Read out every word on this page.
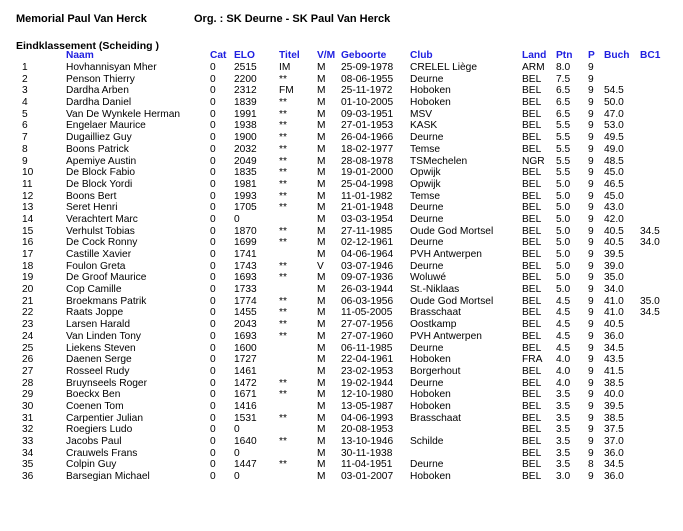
Memorial Paul Van Herck	Org. : SK Deurne - SK Paul Van Herck
Eindklassement (Scheiding )
	Naam	Cat	ELO	Titel	V/M	Geboorte	Club	Land	Ptn	P	Buch	BC1
1	Hovhannisyan Mher	0	2515	IM	M	25-09-1978	CRELEL Liège	ARM	8.0	9		
2	Penson Thierry	0	2200	**	M	08-06-1955	Deurne	BEL	7.5	9		
3	Dardha Arben	0	2312	FM	M	25-11-1972	Hoboken	BEL	6.5	9	54.5	
4	Dardha Daniel	0	1839	**	M	01-10-2005	Hoboken	BEL	6.5	9	50.0	
5	Van De Wynkele Herman	0	1991	**	M	09-03-1951	MSV	BEL	6.5	9	47.0	
6	Engelaer Maurice	0	1938	**	M	27-01-1953	KASK	BEL	5.5	9	53.0	
7	Dugailliez Guy	0	1900	**	M	26-04-1966	Deurne	BEL	5.5	9	49.5	
8	Boons Patrick	0	2032	**	M	18-02-1977	Temse	BEL	5.5	9	49.0	
9	Apemiye Austin	0	2049	**	M	28-08-1978	TSMechelen	NGR	5.5	9	48.5	
10	De Block Fabio	0	1835	**	M	19-01-2000	Opwijk	BEL	5.5	9	45.0	
11	De Block Yordi	0	1981	**	M	25-04-1998	Opwijk	BEL	5.0	9	46.5	
12	Boons Bert	0	1993	**	M	11-01-1982	Temse	BEL	5.0	9	45.0	
13	Seret Henri	0	1705	**	M	21-01-1948	Deurne	BEL	5.0	9	43.0	
14	Verachtert Marc	0	0		M	03-03-1954	Deurne	BEL	5.0	9	42.0	
15	Verhulst Tobias	0	1870	**	M	27-11-1985	Oude God Mortsel	BEL	5.0	9	40.5	34.5
16	De Cock Ronny	0	1699	**	M	02-12-1961	Deurne	BEL	5.0	9	40.5	34.0
17	Castille Xavier	0	1741		M	04-06-1964	PVH Antwerpen	BEL	5.0	9	39.5	
18	Foulon Greta	0	1743	**	V	03-07-1946	Deurne	BEL	5.0	9	39.0	
19	De Groof Maurice	0	1693	**	M	09-07-1936	Woluwé	BEL	5.0	9	35.0	
20	Cop Camille	0	1733		M	26-03-1944	St.-Niklaas	BEL	5.0	9	34.0	
21	Broekmans Patrik	0	1774	**	M	06-03-1956	Oude God Mortsel	BEL	4.5	9	41.0	35.0
22	Raats Joppe	0	1455	**	M	11-05-2005	Brasschaat	BEL	4.5	9	41.0	34.5
23	Larsen Harald	0	2043	**	M	27-07-1956	Oostkamp	BEL	4.5	9	40.5	
24	Van Linden Tony	0	1693	**	M	27-07-1960	PVH Antwerpen	BEL	4.5	9	36.0	
25	Liekens Steven	0	1600		M	06-11-1985	Deurne	BEL	4.5	9	34.5	
26	Daenen Serge	0	1727		M	22-04-1961	Hoboken	FRA	4.0	9	43.5	
27	Rosseel Rudy	0	1461		M	23-02-1953	Borgerhout	BEL	4.0	9	41.5	
28	Bruynseels Roger	0	1472	**	M	19-02-1944	Deurne	BEL	4.0	9	38.5	
29	Boeckx Ben	0	1671	**	M	12-10-1980	Hoboken	BEL	3.5	9	40.0	
30	Coenen Tom	0	1416		M	13-05-1987	Hoboken	BEL	3.5	9	39.5	
31	Carpentier Julian	0	1531	**	M	04-06-1993	Brasschaat	BEL	3.5	9	38.5	
32	Roegiers Ludo	0	0		M	20-08-1953		BEL	3.5	9	37.5	
33	Jacobs Paul	0	1640	**	M	13-10-1946	Schilde	BEL	3.5	9	37.0	
34	Crauwels Frans	0	0		M	30-11-1938		BEL	3.5	9	36.0	
35	Colpin Guy	0	1447	**	M	11-04-1951	Deurne	BEL	3.5	8	34.5	
36	Barsegian Michael	0	0		M	03-01-2007	Hoboken	BEL	3.0	9	36.0	
